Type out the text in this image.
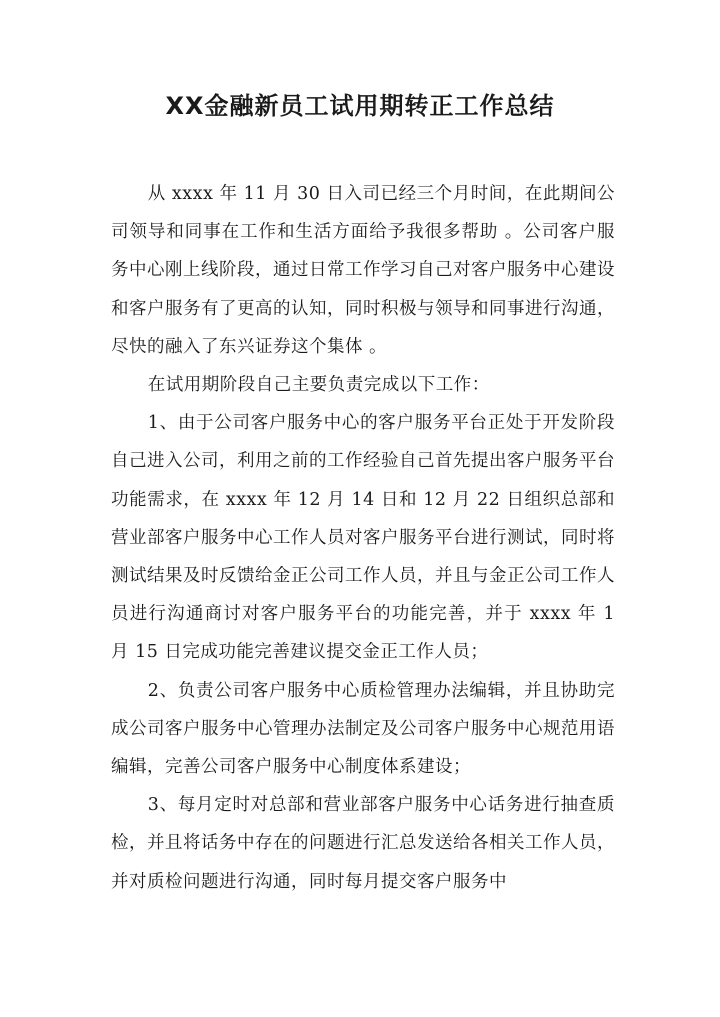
XX金融新员工试用期转正工作总结

从 xxxx 年 11 月 30 日入司已经三个月时间，在此期间公司领导和同事在工作和生活方面给予我很多帮助 。公司客户服务中心刚上线阶段，通过日常工作学习自己对客户服务中心建设和客户服务有了更高的认知，同时积极与领导和同事进行沟通，尽快的融入了东兴证券这个集体 。

在试用期阶段自己主要负责完成以下工作：

1、由于公司客户服务中心的客户服务平台正处于开发阶段自己进入公司，利用之前的工作经验自己首先提出客户服务平台功能需求，在 xxxx 年 12 月 14 日和 12 月 22 日组织总部和营业部客户服务中心工作人员对客户服务平台进行测试，同时将测试结果及时反馈给金正公司工作人员，并且与金正公司工作人员进行沟通商讨对客户服务平台的功能完善，并于 xxxx 年 1 月 15 日完成功能完善建议提交金正工作人员；

2、负责公司客户服务中心质检管理办法编辑，并且协助完成公司客户服务中心管理办法制定及公司客户服务中心规范用语编辑，完善公司客户服务中心制度体系建设；

3、每月定时对总部和营业部客户服务中心话务进行抽查质检，并且将话务中存在的问题进行汇总发送给各相关工作人员，并对质检问题进行沟通，同时每月提交客户服务中
